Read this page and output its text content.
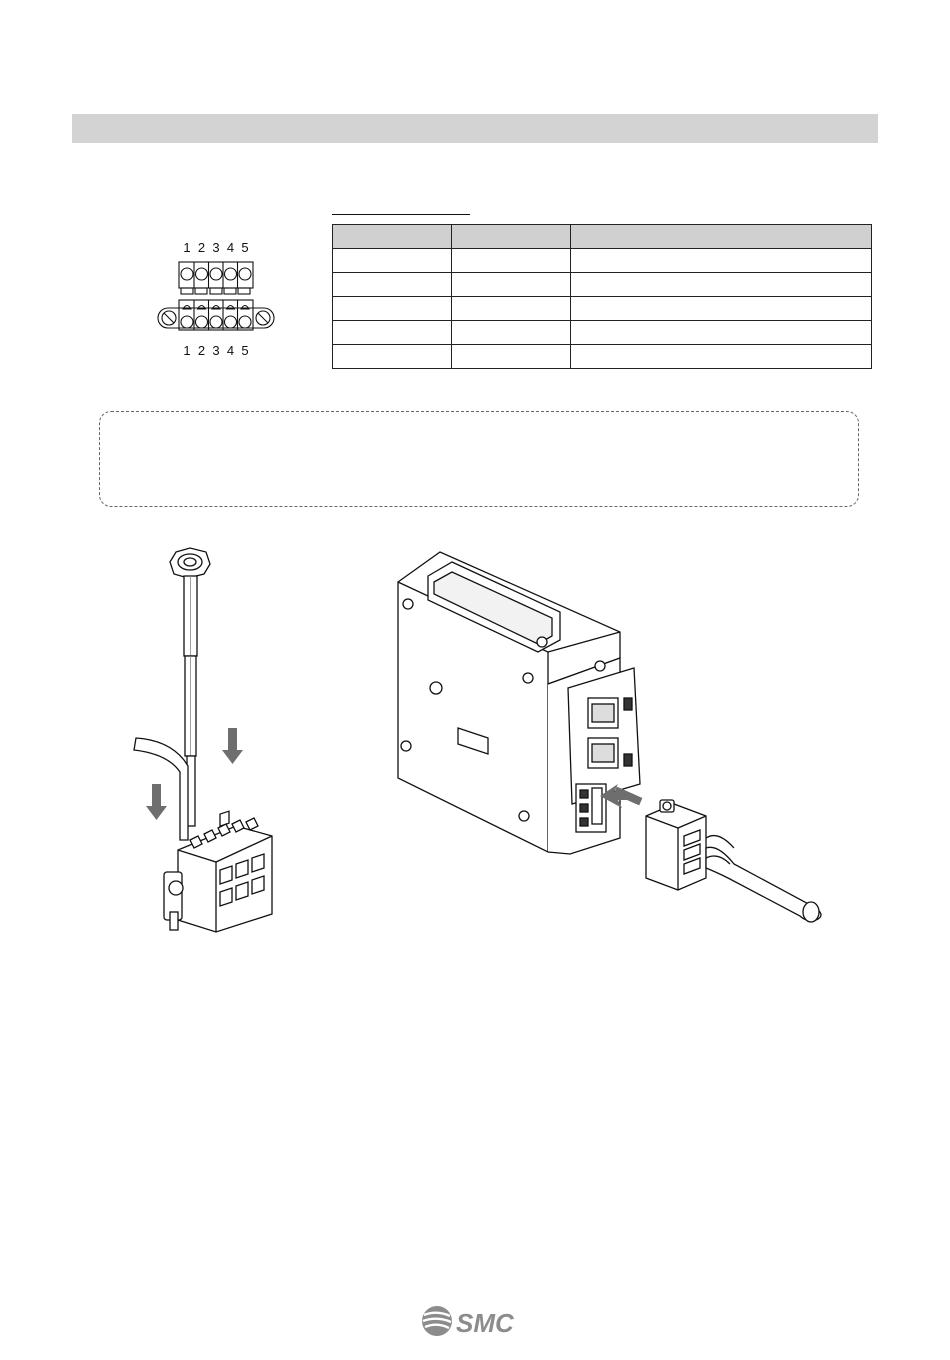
1 2 3 4 5
1 2 3 4 5

SMC
